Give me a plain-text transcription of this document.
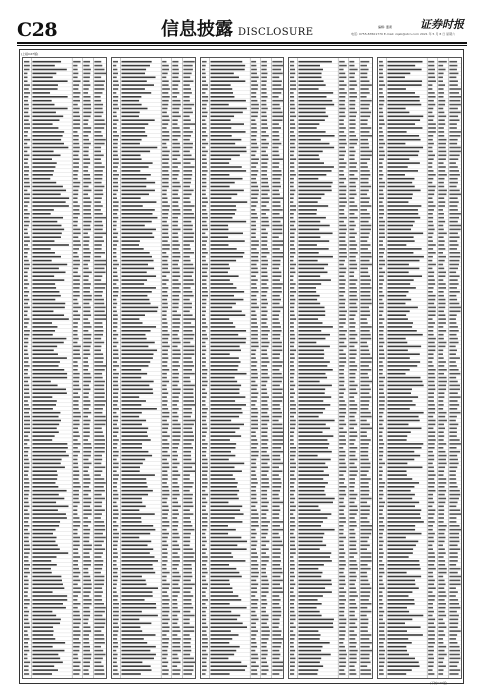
C28	信息披露 DISCLOSURE	编辑: 董素
电话: 0755-83501770 E-mail: zqsb@stcn.com
证券时报
2021 年 5 月 8 日 星期六
(上接C27版)
(下转C29版)
